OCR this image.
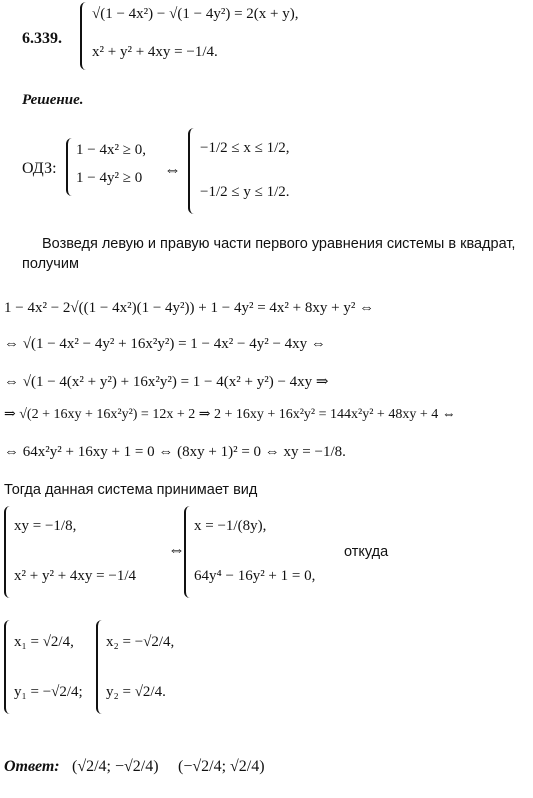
6.339.
√(1 − 4x²) − √(1 − 4y²) = 2(x + y),
x² + y² + 4xy = −1/4.
Решение.
ОДЗ:
1 − 4x² ≥ 0,
1 − 4y² ≥ 0 ⇔
−1/2 ≤ x ≤ 1/2,
−1/2 ≤ y ≤ 1/2.
Возведя левую и правую части первого уравнения системы в квадрат, получим
1 − 4x² − 2√((1 − 4x²)(1 − 4y²)) + 1 − 4y² = 4x² + 8xy + y² ⇔
⇔ √(1 − 4x² − 4y² + 16x²y²) = 1 − 4x² − 4y² − 4xy ⇔
⇔ √(1 − 4(x² + y²) + 16x²y²) = 1 − 4(x² + y²) − 4xy ⇒
⇒ √(2 + 16xy + 16x²y²) = 12x + 2 ⇒ 2 + 16xy + 16x²y² = 144x²y² + 48xy + 4 ⇔
⇔ 64x²y² + 16xy + 1 = 0 ⇔ (8xy + 1)² = 0 ⇔ xy = −1/8.
Тогда данная система принимает вид
xy = −1/8,
x² + y² + 4xy = −1/4
⇔
x = −1/(8y),
64y⁴ − 16y² + 1 = 0,
откуда
x₁ = √2/4,
y₁ = −√2/4;
x₂ = −√2/4,
y₂ = √2/4.
Ответ: (√2/4; −√2/4) (−√2/4; √2/4)
